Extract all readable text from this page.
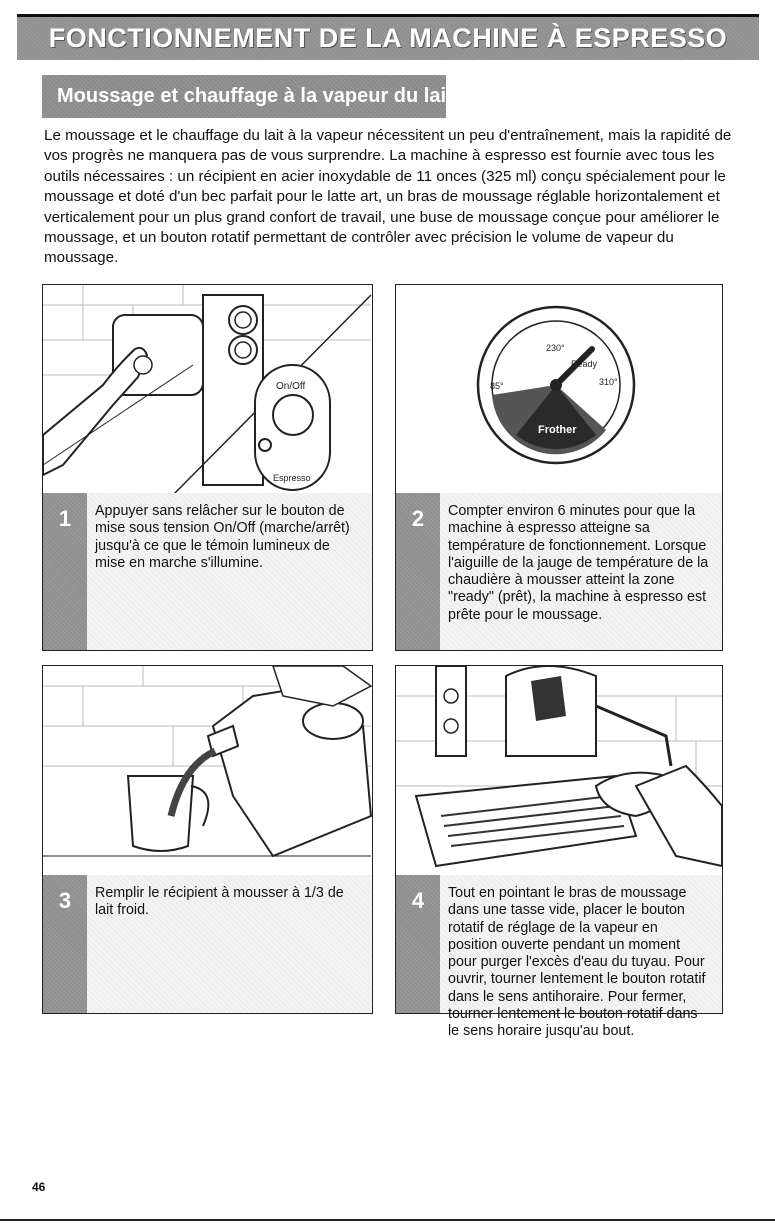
FONCTIONNEMENT DE LA MACHINE À ESPRESSO
Moussage et chauffage à la vapeur du lait

Le moussage et le chauffage du lait à la vapeur nécessitent un peu d'entraînement, mais la rapidité de vos progrès ne manquera pas de vous surprendre. La machine à espresso est fournie avec tous les outils nécessaires : un récipient en acier inoxydable de 11 onces (325 ml) conçu spécialement pour le moussage et doté d'un bec parfait pour le latte art, un bras de moussage réglable horizontalement et verticalement pour un plus grand confort de travail, une buse de moussage conçue pour améliorer le moussage, et un bouton rotatif permettant de contrôler avec précision le volume de vapeur du moussage.

On/Off
Espresso
1	Appuyer sans relâcher sur le bouton de mise sous tension On/Off (marche/arrêt) jusqu'à ce que le témoin lumineux de mise en marche s'illumine.

85°
230°
310°
Ready
Frother
2	Compter environ 6 minutes pour que la machine à espresso atteigne sa température de fonctionnement. Lorsque l'aiguille de la jauge de température de la chaudière à mousser atteint la zone "ready" (prêt), la machine à espresso est prête pour le moussage.

3	Remplir le récipient à mousser à 1/3 de lait froid.	4	Tout en pointant le bras de moussage dans une tasse vide, placer le bouton rotatif de réglage de la vapeur en position ouverte pendant un moment pour purger l'excès d'eau du tuyau. Pour ouvrir, tourner lentement le bouton rotatif dans le sens antihoraire. Pour fermer, tourner lentement le bouton rotatif dans le sens horaire jusqu'au bout.

46
